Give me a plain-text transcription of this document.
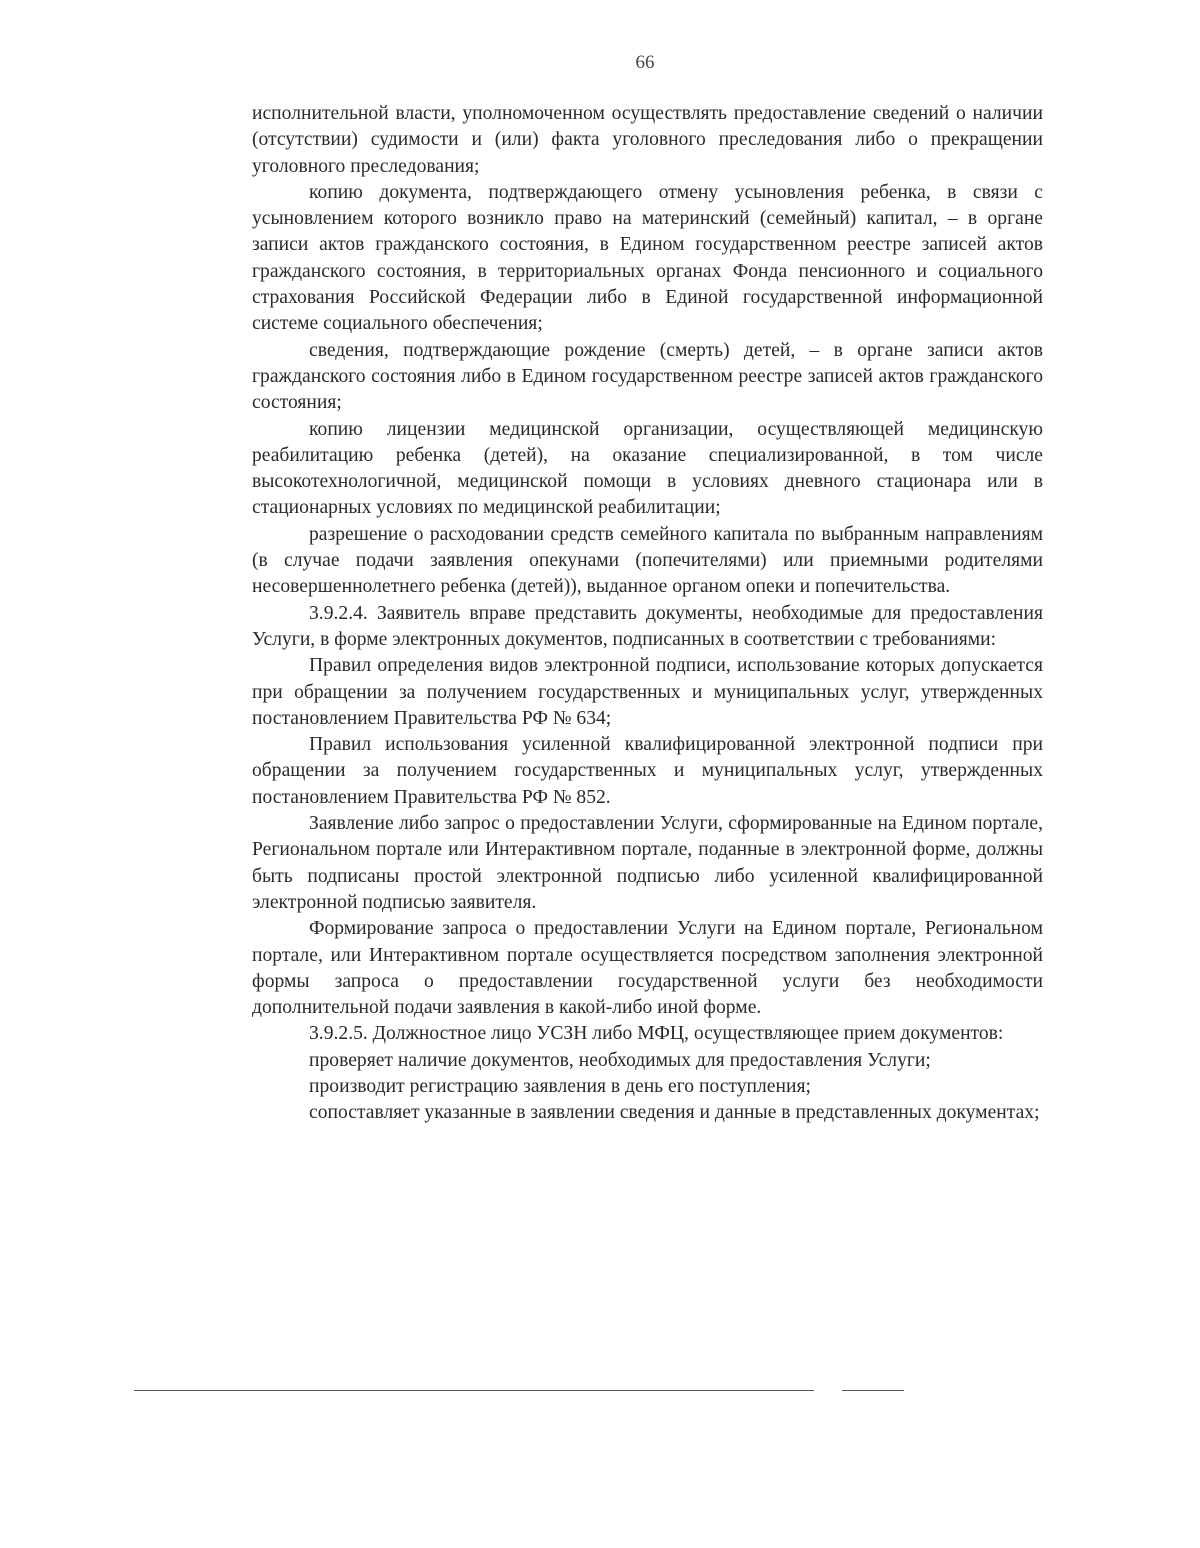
66

исполнительной власти, уполномоченном осуществлять предоставление сведений о наличии (отсутствии) судимости и (или) факта уголовного преследования либо о прекращении уголовного преследования;

копию документа, подтверждающего отмену усыновления ребенка, в связи с усыновлением которого возникло право на материнский (семейный) капитал, – в органе записи актов гражданского состояния, в Едином государственном реестре записей актов гражданского состояния, в территориальных органах Фонда пенсионного и социального страхования Российской Федерации либо в Единой государственной информационной системе социального обеспечения;

сведения, подтверждающие рождение (смерть) детей, – в органе записи актов гражданского состояния либо в Едином государственном реестре записей актов гражданского состояния;

копию лицензии медицинской организации, осуществляющей медицинскую реабилитацию ребенка (детей), на оказание специализированной, в том числе высокотехнологичной, медицинской помощи в условиях дневного стационара или в стационарных условиях по медицинской реабилитации;

разрешение о расходовании средств семейного капитала по выбранным направлениям (в случае подачи заявления опекунами (попечителями) или приемными родителями несовершеннолетнего ребенка (детей)), выданное органом опеки и попечительства.

3.9.2.4. Заявитель вправе представить документы, необходимые для предоставления Услуги, в форме электронных документов, подписанных в соответствии с требованиями:

Правил определения видов электронной подписи, использование которых допускается при обращении за получением государственных и муниципальных услуг, утвержденных постановлением Правительства РФ № 634;

Правил использования усиленной квалифицированной электронной подписи при обращении за получением государственных и муниципальных услуг, утвержденных постановлением Правительства РФ № 852.

Заявление либо запрос о предоставлении Услуги, сформированные на Едином портале, Региональном портале или Интерактивном портале, поданные в электронной форме, должны быть подписаны простой электронной подписью либо усиленной квалифицированной электронной подписью заявителя.

Формирование запроса о предоставлении Услуги на Едином портале, Региональном портале, или Интерактивном портале осуществляется посредством заполнения электронной формы запроса о предоставлении государственной услуги без необходимости дополнительной подачи заявления в какой-либо иной форме.

3.9.2.5. Должностное лицо УСЗН либо МФЦ, осуществляющее прием документов:

проверяет наличие документов, необходимых для предоставления Услуги;

производит регистрацию заявления в день его поступления;

сопоставляет указанные в заявлении сведения и данные в представленных документах;
